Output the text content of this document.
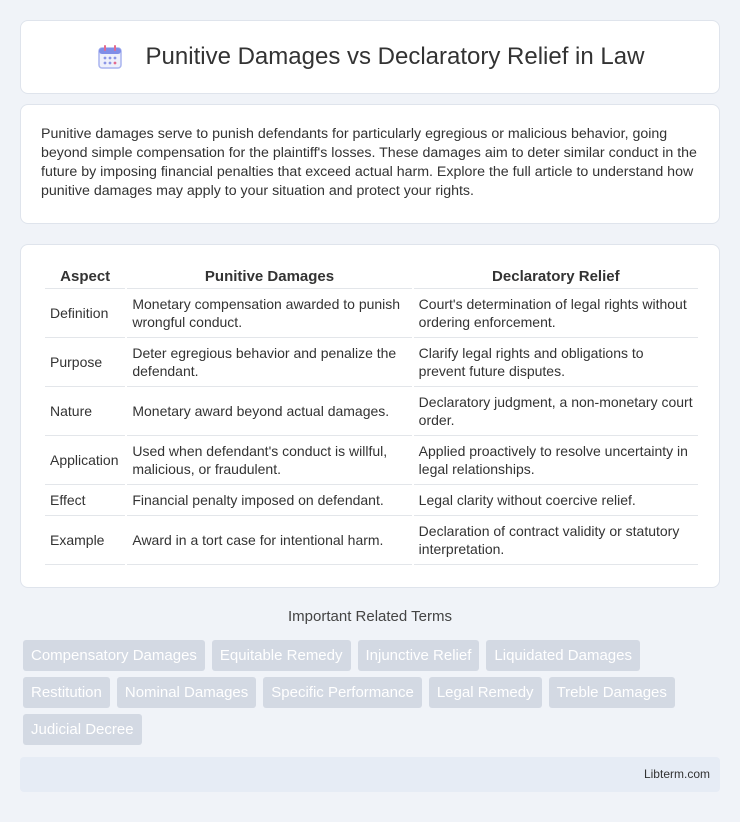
Punitive Damages vs Declaratory Relief in Law

Punitive damages serve to punish defendants for particularly egregious or malicious behavior, going beyond simple compensation for the plaintiff's losses. These damages aim to deter similar conduct in the future by imposing financial penalties that exceed actual harm. Explore the full article to understand how punitive damages may apply to your situation and protect your rights.

Aspect	Punitive Damages	Declaratory Relief
Definition	Monetary compensation awarded to punish wrongful conduct.	Court's determination of legal rights without ordering enforcement.
Purpose	Deter egregious behavior and penalize the defendant.	Clarify legal rights and obligations to prevent future disputes.
Nature	Monetary award beyond actual damages.	Declaratory judgment, a non-monetary court order.
Application	Used when defendant's conduct is willful, malicious, or fraudulent.	Applied proactively to resolve uncertainty in legal relationships.
Effect	Financial penalty imposed on defendant.	Legal clarity without coercive relief.
Example	Award in a tort case for intentional harm.	Declaration of contract validity or statutory interpretation.
Important Related Terms
Compensatory Damages	Equitable Remedy	Injunctive Relief	Liquidated Damages
Restitution	Nominal Damages	Specific Performance	Legal Remedy	Treble Damages
Judicial Decree
Libterm.com
